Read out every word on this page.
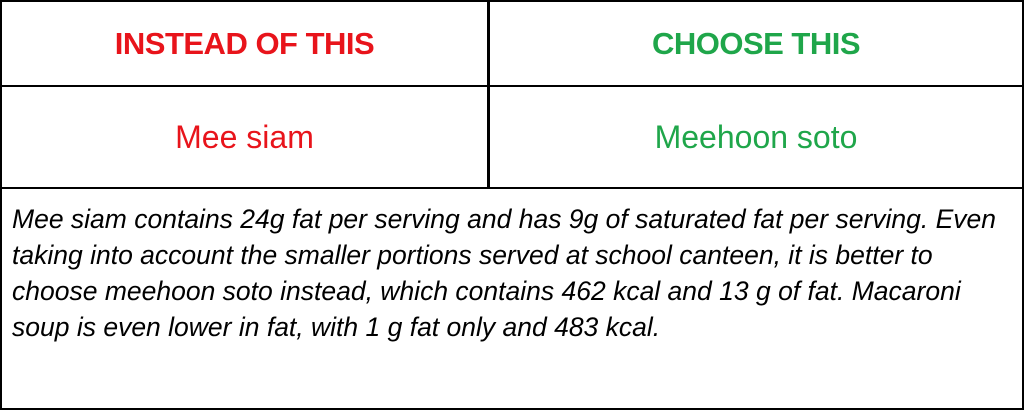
INSTEAD OF THIS	CHOOSE THIS
Mee siam	Meehoon soto
Mee siam contains 24g fat per serving and has 9g of saturated fat per serving. Even taking into account the smaller portions served at school canteen, it is better to choose meehoon soto instead, which contains 462 kcal and 13 g of fat. Macaroni soup is even lower in fat, with 1 g fat only and 483 kcal.
